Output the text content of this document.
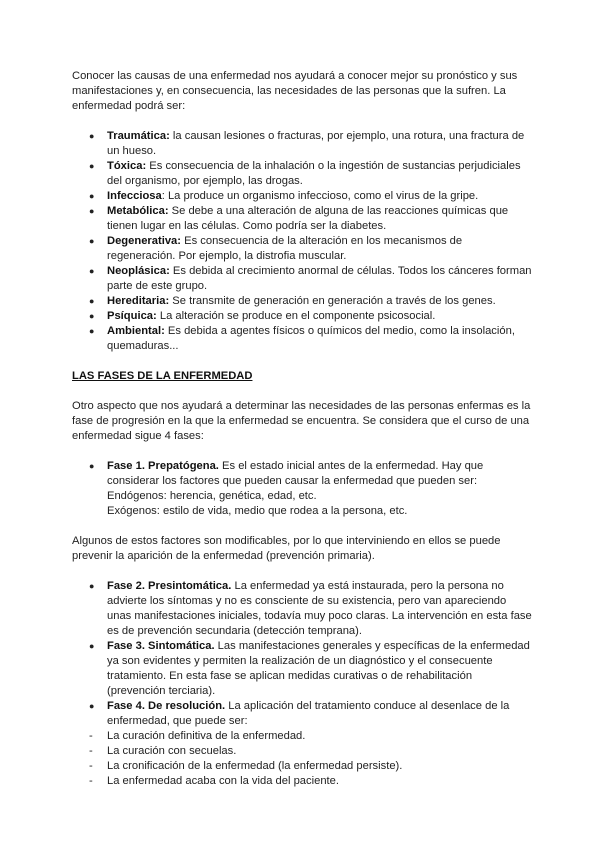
Conocer las causas de una enfermedad nos ayudará a conocer mejor su pronóstico y sus manifestaciones y, en consecuencia, las necesidades de las personas que la sufren. La enfermedad podrá ser:

● Traumática: la causan lesiones o fracturas, por ejemplo, una rotura, una fractura de un hueso.
● Tóxica: Es consecuencia de la inhalación o la ingestión de sustancias perjudiciales del organismo, por ejemplo, las drogas.
● Infecciosa: La produce un organismo infeccioso, como el virus de la gripe.
● Metabólica: Se debe a una alteración de alguna de las reacciones químicas que tienen lugar en las células. Como podría ser la diabetes.
● Degenerativa: Es consecuencia de la alteración en los mecanismos de regeneración. Por ejemplo, la distrofia muscular.
● Neoplásica: Es debida al crecimiento anormal de células. Todos los cánceres forman parte de este grupo.
● Hereditaria: Se transmite de generación en generación a través de los genes.
● Psíquica: La alteración se produce en el componente psicosocial.
● Ambiental: Es debida a agentes físicos o químicos del medio, como la insolación, quemaduras...
LAS FASES DE LA ENFERMEDAD

Otro aspecto que nos ayudará a determinar las necesidades de las personas enfermas es la fase de progresión en la que la enfermedad se encuentra. Se considera que el curso de una enfermedad sigue 4 fases:

● Fase 1. Prepatógena. Es el estado inicial antes de la enfermedad. Hay que considerar los factores que pueden causar la enfermedad que pueden ser:
Endógenos: herencia, genética, edad, etc.
Exógenos: estilo de vida, medio que rodea a la persona, etc.

Algunos de estos factores son modificables, por lo que interviniendo en ellos se puede prevenir la aparición de la enfermedad (prevención primaria).

● Fase 2. Presintomática. La enfermedad ya está instaurada, pero la persona no advierte los síntomas y no es consciente de su existencia, pero van apareciendo unas manifestaciones iniciales, todavía muy poco claras. La intervención en esta fase es de prevención secundaria (detección temprana).
● Fase 3. Sintomática. Las manifestaciones generales y específicas de la enfermedad ya son evidentes y permiten la realización de un diagnóstico y el consecuente tratamiento. En esta fase se aplican medidas curativas o de rehabilitación (prevención terciaria).
● Fase 4. De resolución. La aplicación del tratamiento conduce al desenlace de la enfermedad, que puede ser:
- La curación definitiva de la enfermedad.
- La curación con secuelas.
- La cronificación de la enfermedad (la enfermedad persiste).
- La enfermedad acaba con la vida del paciente.
